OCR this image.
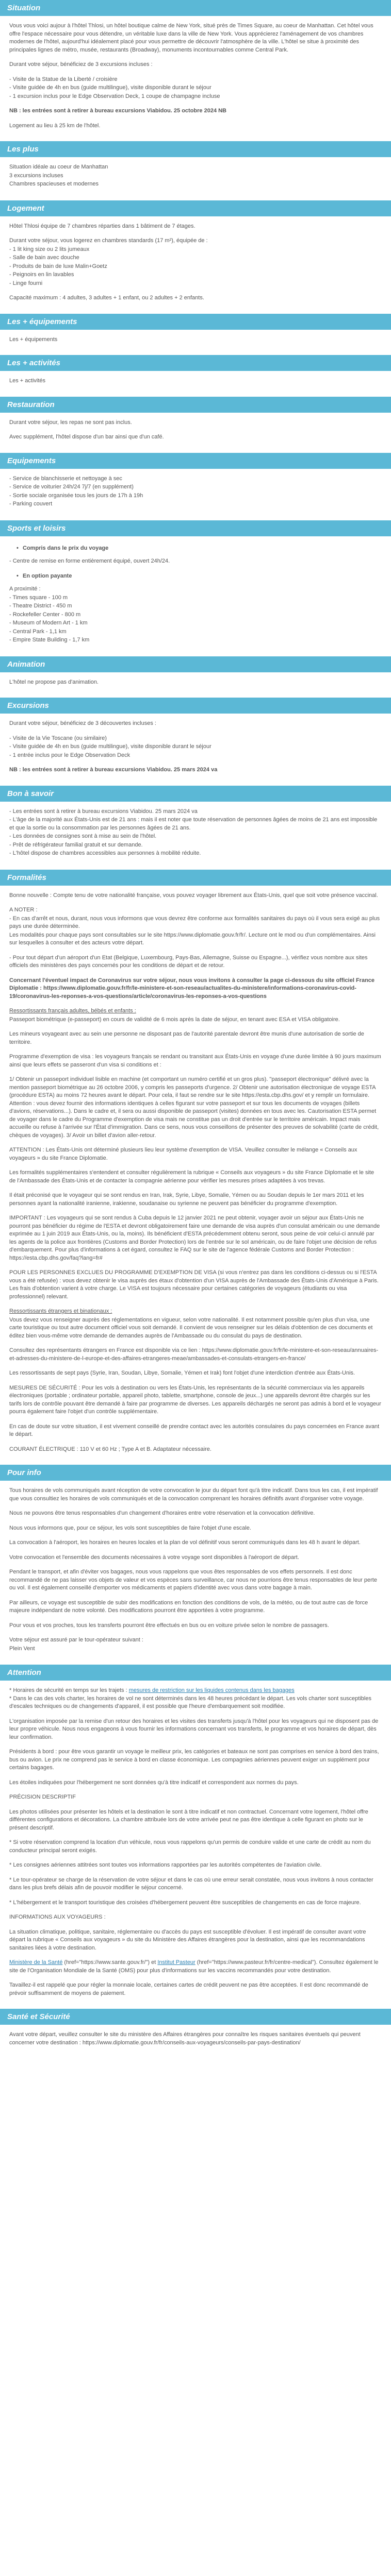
Situation

Vous vous voici aujour à l'hôtel Thlosi, un hôtel boutique calme de New York, situé près de Times Square, au coeur de Manhattan. Cet hôtel vous offre l'espace nécessaire pour vous détendre, un véritable luxe dans la ville de New York. Vous apprécierez l'aménagement de vos chambres modernes de l'hôtel, aujourd'hui idéalement placé pour vous permettre de découvrir l'atmosphère de la ville. L'hôtel se situe à proximité des principales lignes de métro, musée, restaurants (Broadway), monuments incontournables comme Central Park.

Durant votre séjour, bénéficiez de 3 excursions incluses :

- Visite de la Statue de la Liberté / croisière
- Visite guidée de 4h en bus (guide multilingue), visite disponible durant le séjour
- 1 excursion inclus pour le Edge Observation Deck, 1 coupe de champagne incluse

NB : les entrées sont à retirer à bureau excursions Viabidou. 25 octobre 2024 NB

Logement au lieu à 25 km de l'hôtel.

Les plus

Situation idéale au coeur de Manhattan
3 excursions incluses
Chambres spacieuses et modernes

Logement

Hôtel Thlosi équipe de 7 chambres réparties dans 1 bâtiment de 7 étages.

Durant votre séjour, vous logerez en chambres standards (17 m²), équipée de :
- 1 lit king size ou 2 lits jumeaux
- Salle de bain avec douche
- Produits de bain de luxe Malin+Goetz
- Peignoirs en lin lavables
- Linge fourni

Capacité maximum : 4 adultes, 3 adultes + 1 enfant, ou 2 adultes + 2 enfants.

Les + équipements

Les + équipements

Les + activités

Les + activités

Restauration

Durant votre séjour, les repas ne sont pas inclus.

Avec supplément, l'hôtel dispose d'un bar ainsi que d'un café.

Equipements

- Service de blanchisserie et nettoyage à sec
- Service de voiturier 24h/24 7j/7 (en supplément)
- Sortie sociale organisée tous les jours de 17h à 19h
- Parking couvert

Sports et loisirs
• Compris dans le prix du voyage

- Centre de remise en forme entièrement équipé, ouvert 24h/24.

• En option payante

A proximité :
- Times square - 100 m
- Theatre District - 450 m
- Rockefeller Center - 800 m
- Museum of Modern Art - 1 km
- Central Park - 1,1 km
- Empire State Building - 1,7 km

Animation

L'hôtel ne propose pas d'animation.

Excursions

Durant votre séjour, bénéficiez de 3 découvertes incluses :

- Visite de la Vie Toscane (ou similaire)
- Visite guidée de 4h en bus (guide multilingue), visite disponible durant le séjour
- 1 entrée inclus pour le Edge Observation Deck

NB : les entrées sont à retirer à bureau excursions Viabidou. 25 mars 2024 va

Bon à savoir

- Les entrées sont à retirer à bureau excursions Viabidou. 25 mars 2024 va
- L'âge de la majorité aux États-Unis est de 21 ans : mais il est noter que toute réservation de personnes âgées de moins de 21 ans est impossible et que la sortie ou la consommation par les personnes âgées de 21 ans.
- Les données de consignes sont à mise au sein de l'hôtel.
- Prêt de réfrigérateur familial gratuit et sur demande.
- L'hôtel dispose de chambres accessibles aux personnes à mobilité réduite.

Formalités

Bonne nouvelle : Compte tenu de votre nationalité française, vous pouvez voyager librement aux États-Unis, quel que soit votre présence vaccinal.

A NOTER :
- En cas d'arrêt et nous, durant, nous vous informons que vous devrez être conforme aux formalités sanitaires du pays où il vous sera exigé au plus pays une durée déterminée.
Les modalités pour chaque pays sont consultables sur le site https://www.diplomatie.gouv.fr/fr/. Lecture ont le mod ou d'un complémentaires. Ainsi sur lesquelles à consulter et des acteurs votre départ.

- Pour tout départ d'un aéroport d'un Etat (Belgique, Luxembourg, Pays-Bas, Allemagne, Suisse ou Espagne...), vérifiez vous nombre aux sites officiels des ministères des pays concernés pour les conditions de départ et de retour.

Concernant l'éventuel impact de Coronavirus sur votre séjour, nous vous invitons à consulter la page ci-dessous du site officiel France Diplomatie : https://www.diplomatie.gouv.fr/fr/le-ministere-et-son-reseau/actualites-du-ministere/informations-coronavirus-covid-19/coronavirus-les-reponses-a-vos-questions/article/coronavirus-les-reponses-a-vos-questions

Ressortissants français adultes, bébés et enfants :
Passeport biométrique (e-passeport) en cours de validité de 6 mois après la date de séjour, en tenant avec ESA et VISA obligatoire.

Les mineurs voyageant avec au sein une personne ne disposant pas de l'autorité parentale devront être munis d'une autorisation de sortie de territoire.

Programme d'exemption de visa : les voyageurs français se rendant ou transitant aux États-Unis en voyage d'une durée limitée à 90 jours maximum ainsi que leurs effets se passeront d'un visa si conditions et :

1/ Obtenir un passeport individuel lisible en machine (et comportant un numéro certifié et un gros plus). "passeport électronique" délivré avec la mention passeport biométrique au 26 octobre 2006, y compris les passeports d'urgence. 2/ Obtenir une autorisation électronique de voyage ESTA (procédure ESTA) au moins 72 heures avant le départ. Pour cela, il faut se rendre sur le site https://esta.cbp.dhs.gov/ et y remplir un formulaire. Attention : vous devez fournir des informations identiques à celles figurant sur votre passeport et sur tous les documents de voyages (billets d'avions, réservations...). Dans le cadre et, il sera ou aussi disponible de passeport (visites) données en tous avec les. Cautorisation ESTA permet de voyager dans le cadre du Programme d'exemption de visa mais ne constitue pas un droit d'entrée sur le territoire américain. Impact mais accueille ou refuse à l'arrivée sur l'État d'immigration. Dans ce sens, nous vous conseillons de présenter des preuves de solvabilité (carte de crédit, chèques de voyages). 3/ Avoir un billet d'avion aller-retour.

ATTENTION : Les États-Unis ont déterminé plusieurs lieu leur système d'exemption de VISA. Veuillez consulter le mélange « Conseils aux voyageurs » du site France Diplomatie.

Les formalités supplémentaires s'entendent et consulter régulièrement la rubrique « Conseils aux voyageurs » du site France Diplomatie et le site de l'Ambassade des États-Unis et de contacter la compagnie aérienne pour vérifier les mesures prises adaptées à vos trevas.

Il était préconisé que le voyageur qui se sont rendus en Iran, Irak, Syrie, Libye, Somalie, Yémen ou au Soudan depuis le 1er mars 2011 et les personnes ayant la nationalité iranienne, irakienne, soudanaise ou syrienne ne peuvent pas bénéficier du programme d'exemption.

IMPORTANT : Les voyageurs qui se sont rendus à Cuba depuis le 12 janvier 2021 ne peut obtenir, voyager avoir un séjour aux États-Unis ne pourront pas bénéficier du régime de l'ESTA et devront obligatoirement faire une demande de visa auprès d'un consulat américain ou une demande exprimée au 1 juin 2019 aux États-Unis, ou la, moins). Ils bénéficient d'ESTA précédemment obtenu seront, sous peine de voir celui-ci annulé par les agents de la police aux frontières (Customs and Border Protection) lors de l'entrée sur le sol américain, ou de faire l'objet une décision de refus d'embarquement. Pour plus d'informations à cet égard, consultez le FAQ sur le site de l'agence fédérale Customs and Border Protection : https://esta.cbp.dhs.gov/faq?lang=fr#

POUR LES PERSONNES EXCLUES DU PROGRAMME D'EXEMPTION DE VISA (si vous n'entrez pas dans les conditions ci-dessus ou si l'ESTA vous a été refusée) : vous devez obtenir le visa auprès des étaux d'obtention d'un VISA auprès de l'Ambassade des États-Unis d'Amérique à Paris. Les frais d'obtention varient à votre charge. Le VISA est toujours nécessaire pour certaines catégories de voyageurs (étudiants ou visa professionnel) relevant.

Ressortissants étrangers et binationaux :
Vous devez vous renseigner auprès des réglementations en vigueur, selon votre nationalité. Il est notamment possible qu'en plus d'un visa, une carte touristique ou tout autre document officiel vous soit demandé. Il convient de vous renseigner sur les délais d'obtention de ces documents et éditez bien vous-même votre demande de demandes auprès de l'Ambassade ou du consulat du pays de destination.

Consultez des représentants étrangers en France est disponible via ce lien : https://www.diplomatie.gouv.fr/fr/le-ministere-et-son-reseau/annuaires-et-adresses-du-ministere-de-l-europe-et-des-affaires-etrangeres-meae/ambassades-et-consulats-etrangers-en-france/

Les ressortissants de sept pays (Syrie, Iran, Soudan, Libye, Somalie, Yémen et Irak) font l'objet d'une interdiction d'entrée aux États-Unis.

MESURES DE SÉCURITÉ : Pour les vols à destination ou vers les États-Unis, les représentants de la sécurité commerciaux via les appareils électroniques (portable ; ordinateur portable, appareil photo, tablette, smartphone, console de jeux...) une appareils devront être chargés sur les tarifs lors de contrôle pouvant être demandé à faire par programme de diverses. Les appareils déchargés ne seront pas admis à bord et le voyageur pourra également faire l'objet d'un contrôle supplémentaire.

En cas de doute sur votre situation, il est vivement conseillé de prendre contact avec les autorités consulaires du pays concernées en France avant le départ.

COURANT ÉLECTRIQUE : 110 V et 60 Hz ; Type A et B. Adaptateur nécessaire.

Pour info

Tous horaires de vols communiqués avant réception de votre convocation le jour du départ font qu'à titre indicatif. Dans tous les cas, il est impératif que vous consultiez les horaires de vols communiqués et de la convocation comprenant les horaires définitifs avant d'organiser votre voyage.

Nous ne pouvons être tenus responsables d'un changement d'horaires entre votre réservation et la convocation définitive.

Nous vous informons que, pour ce séjour, les vols sont susceptibles de faire l'objet d'une escale.

La convocation à l'aéroport, les horaires en heures locales et la plan de vol définitif vous seront communiqués dans les 48 h avant le départ.

Votre convocation et l'ensemble des documents nécessaires à votre voyage sont disponibles à l'aéroport de départ.

Pendant le transport, et afin d'éviter vos bagages, nous vous rappelons que vous êtes responsables de vos effets personnels. Il est donc recommandé de ne pas laisser vos objets de valeur et vos espèces sans surveillance, car nous ne pourrions être tenus responsables de leur perte ou vol. Il est également conseillé d'emporter vos médicaments et papiers d'identité avec vous dans votre bagage à main.

Par ailleurs, ce voyage est susceptible de subir des modifications en fonction des conditions de vols, de la météo, ou de tout autre cas de force majeure indépendant de notre volonté. Des modifications pourront être apportées à votre programme.

Pour vous et vos proches, tous les transferts pourront être effectués en bus ou en voiture privée selon le nombre de passagers.

Votre séjour est assuré par le tour-opérateur suivant :
Plein Vent

Attention

* Horaires de sécurité en temps sur les trajets : mesures de restriction sur les liquides contenus dans les bagages
* Dans le cas des vols charter, les horaires de vol ne sont déterminés dans les 48 heures précédant le départ. Les vols charter sont susceptibles d'escales techniques ou de changements d'appareil, il est possible que l'heure d'embarquement soit modifiée.

L'organisation imposée par la remise d'un retour des horaires et les visites des transferts jusqu'à l'hôtel pour les voyageurs qui ne disposent pas de leur propre véhicule. Nous nous engageons à vous fournir les informations concernant vos transferts, le programme et vos horaires de départ, dès leur confirmation.

Présidents à bord : pour être vous garantir un voyage le meilleur prix, les catégories et bateaux ne sont pas comprises en service à bord des trains, bus ou avion. Le prix ne comprend pas le service à bord en classe économique. Les compagnies aériennes peuvent exiger un supplément pour certains bagages.

Les étoiles indiquées pour l'hébergement ne sont données qu'à titre indicatif et correspondent aux normes du pays.

PRÉCISION DESCRIPTIF

Les photos utilisées pour présenter les hôtels et la destination le sont à titre indicatif et non contractuel. Concernant votre logement, l'hôtel offre différentes configurations et décorations. La chambre attribuée lors de votre arrivée peut ne pas être identique à celle figurant en photo sur le présent descriptif.

* Si votre réservation comprend la location d'un véhicule, nous vous rappelons qu'un permis de conduire valide et une carte de crédit au nom du conducteur principal seront exigés.

* Les consignes aériennes attitrées sont toutes vos informations rapportées par les autorités compétentes de l'aviation civile.

* Le tour-opérateur se charge de la réservation de votre séjour et dans le cas où une erreur serait constatée, nous vous invitons à nous contacter dans les plus brefs délais afin de pouvoir modifier le séjour concerné.

* L'hébergement et le transport touristique des croisées d'hébergement peuvent être susceptibles de changements en cas de force majeure.

INFORMATIONS AUX VOYAGEURS :

La situation climatique, politique, sanitaire, réglementaire ou d'accès du pays est susceptible d'évoluer. Il est impératif de consulter avant votre départ la rubrique « Conseils aux voyageurs » du site du Ministère des Affaires étrangères pour la destination, ainsi que les recommandations sanitaires liées à votre destination.

Ministère de la Santé (href="https://www.sante.gouv.fr/") et Institut Pasteur (href="https://www.pasteur.fr/fr/centre-medical"). Consultez également le site de l'Organisation Mondiale de la Santé (OMS) pour plus d'informations sur les vaccins recommandés pour votre destination.

Tavaillez-il est rappelé que pour régler la monnaie locale, certaines cartes de crédit peuvent ne pas être acceptées. Il est donc recommandé de prévoir suffisamment de moyens de paiement.

Santé et Sécurité

Avant votre départ, veuillez consulter le site du ministère des Affaires étrangères pour connaître les risques sanitaires éventuels qui peuvent concerner votre destination : https://www.diplomatie.gouv.fr/fr/conseils-aux-voyageurs/conseils-par-pays-destination/
